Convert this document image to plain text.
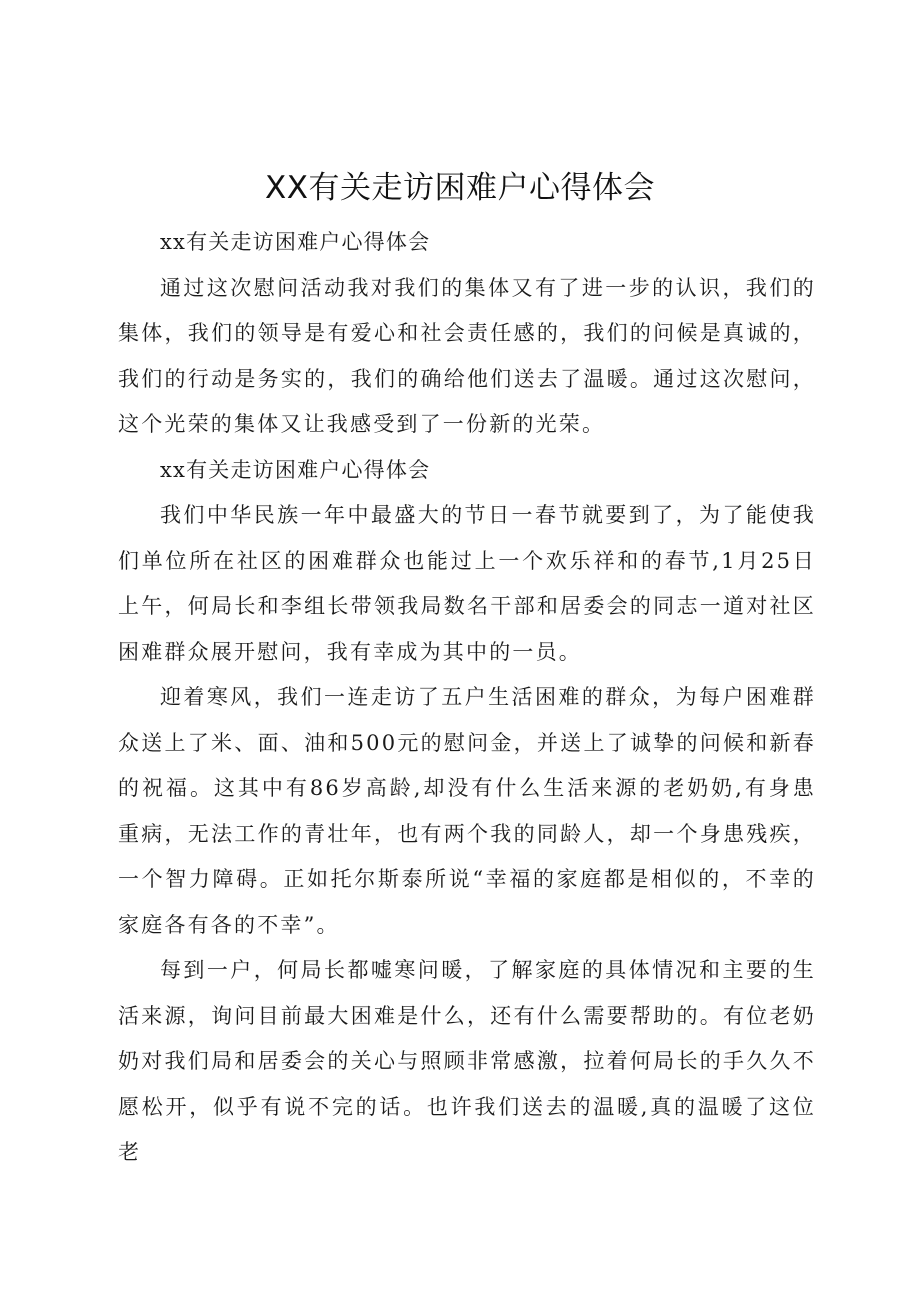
XX有关走访困难户心得体会

xx有关走访困难户心得体会

通过这次慰问活动我对我们的集体又有了进一步的认识，我们的集体，我们的领导是有爱心和社会责任感的，我们的问候是真诚的，我们的行动是务实的，我们的确给他们送去了温暖。通过这次慰问，这个光荣的集体又让我感受到了一份新的光荣。

xx有关走访困难户心得体会

我们中华民族一年中最盛大的节日一春节就要到了，为了能使我们单位所在社区的困难群众也能过上一个欢乐祥和的春节,1月25日上午，何局长和李组长带领我局数名干部和居委会的同志一道对社区困难群众展开慰问，我有幸成为其中的一员。

迎着寒风，我们一连走访了五户生活困难的群众，为每户困难群众送上了米、面、油和500元的慰问金，并送上了诚挚的问候和新春的祝福。这其中有86岁高龄,却没有什么生活来源的老奶奶,有身患重病，无法工作的青壮年，也有两个我的同龄人，却一个身患残疾，一个智力障碍。正如托尔斯泰所说“幸福的家庭都是相似的，不幸的家庭各有各的不幸”。

每到一户，何局长都嘘寒问暖，了解家庭的具体情况和主要的生活来源，询问目前最大困难是什么，还有什么需要帮助的。有位老奶奶对我们局和居委会的关心与照顾非常感激，拉着何局长的手久久不愿松开，似乎有说不完的话。也许我们送去的温暖,真的温暖了这位老
